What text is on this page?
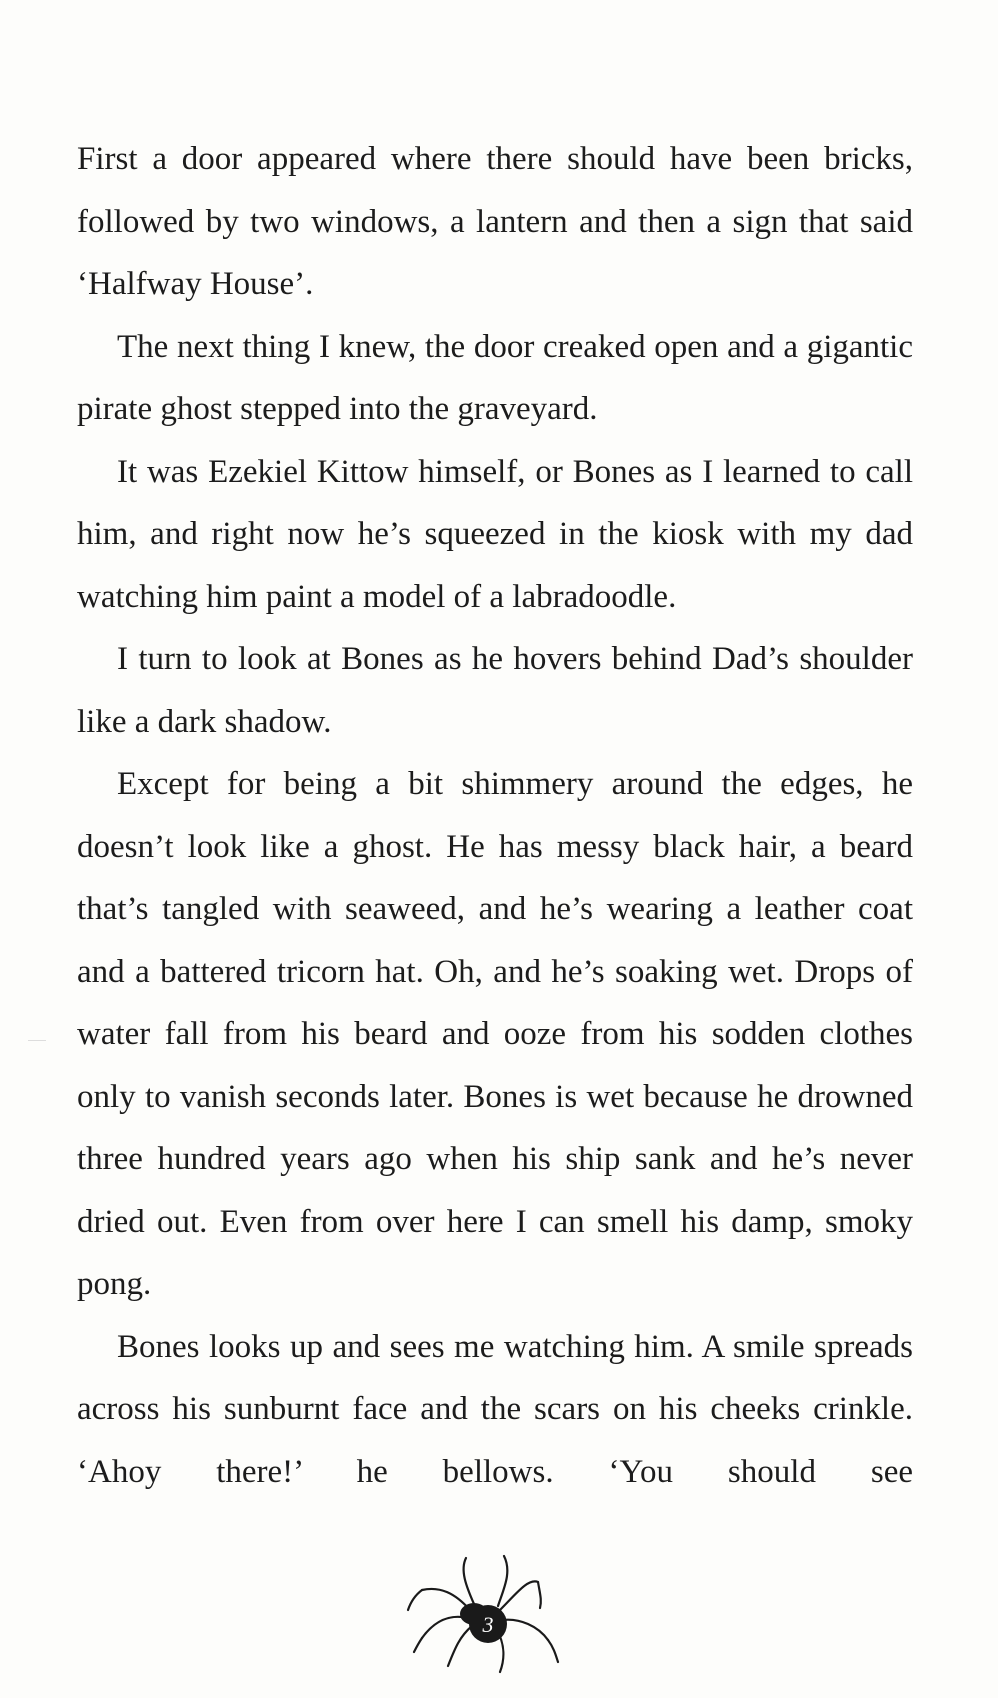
First a door appeared where there should have been bricks, followed by two windows, a lantern and then a sign that said ‘Halfway House’.

The next thing I knew, the door creaked open and a gigantic pirate ghost stepped into the graveyard.

It was Ezekiel Kittow himself, or Bones as I learned to call him, and right now he’s squeezed in the kiosk with my dad watching him paint a model of a labradoodle.

I turn to look at Bones as he hovers behind Dad’s shoulder like a dark shadow.

Except for being a bit shimmery around the edges, he doesn’t look like a ghost. He has messy black hair, a beard that’s tangled with seaweed, and he’s wearing a leather coat and a battered tricorn hat. Oh, and he’s soaking wet. Drops of water fall from his beard and ooze from his sodden clothes only to vanish seconds later. Bones is wet because he drowned three hundred years ago when his ship sank and he’s never dried out. Even from over here I can smell his damp, smoky pong.

Bones looks up and sees me watching him. A smile spreads across his sunburnt face and the scars on his cheeks crinkle. ‘Ahoy there!’ he bellows. ‘You should see

3
